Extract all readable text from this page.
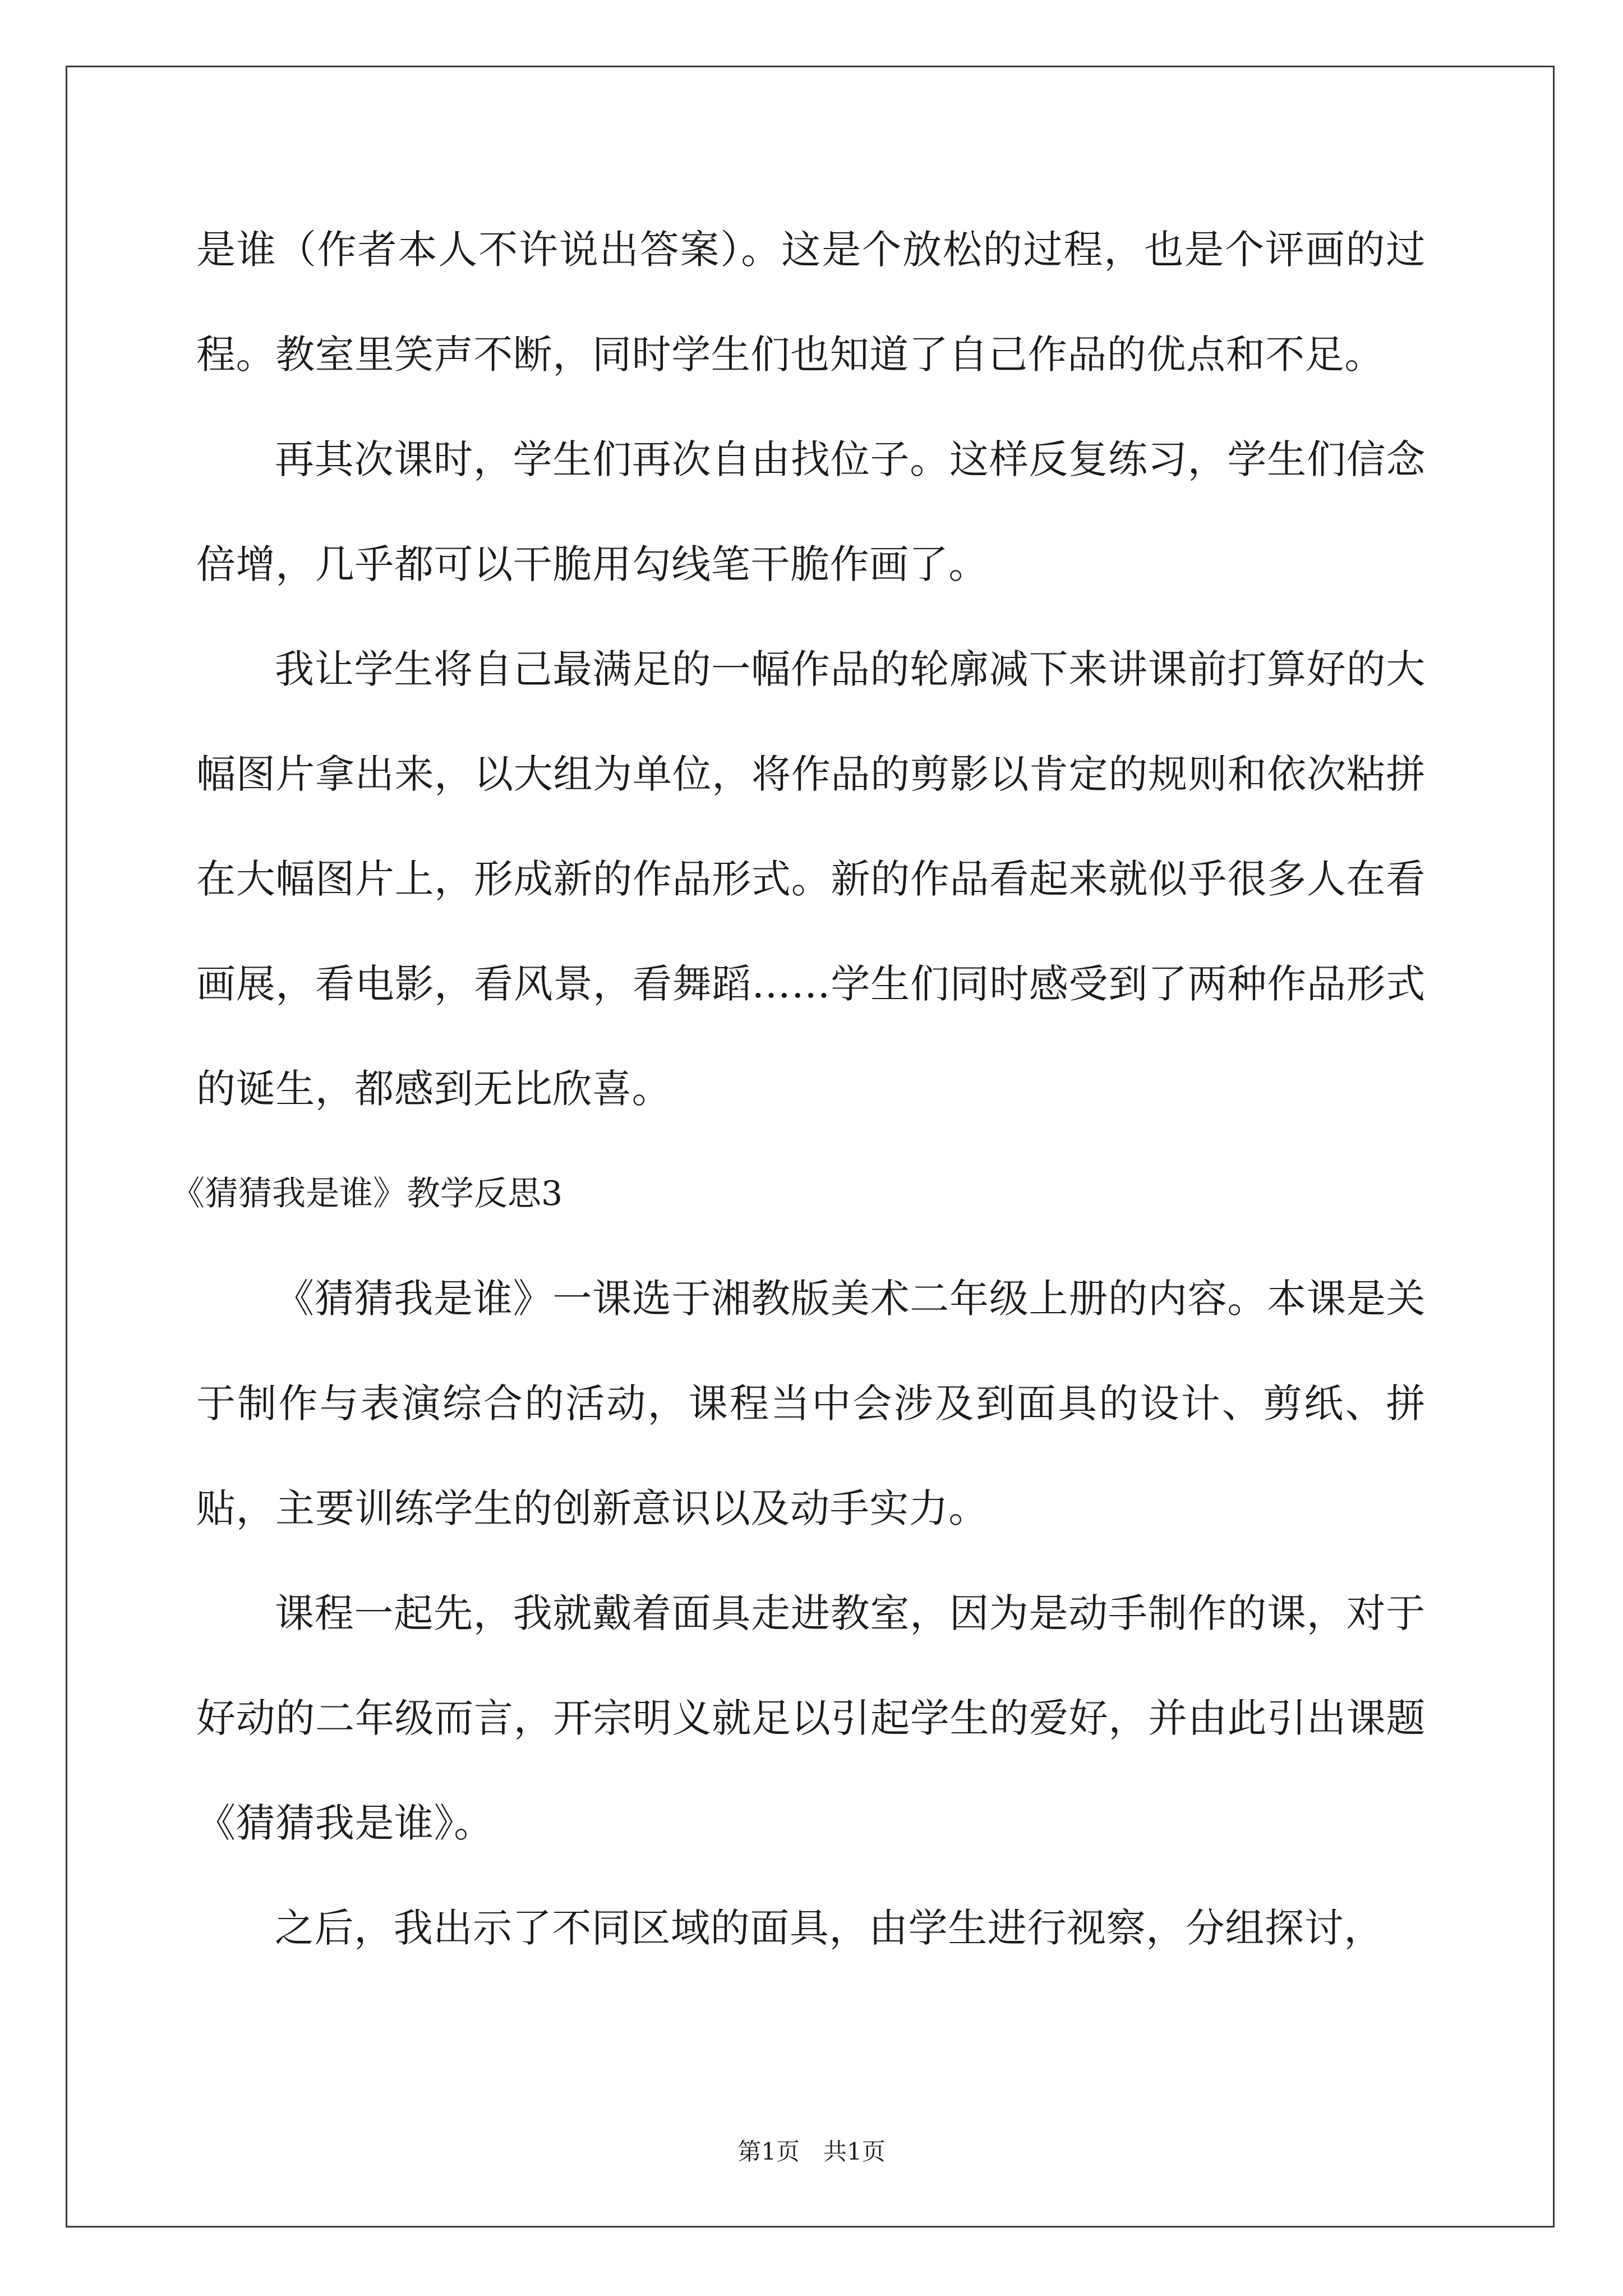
是谁（作者本人不许说出答案）。这是个放松的过程，也是个评画的过程。教室里笑声不断，同时学生们也知道了自己作品的优点和不足。

再其次课时，学生们再次自由找位子。这样反复练习，学生们信念倍增，几乎都可以干脆用勾线笔干脆作画了。

我让学生将自己最满足的一幅作品的轮廓减下来讲课前打算好的大幅图片拿出来，以大组为单位，将作品的剪影以肯定的规则和依次粘拼在大幅图片上，形成新的作品形式。新的作品看起来就似乎很多人在看画展，看电影，看风景，看舞蹈……学生们同时感受到了两种作品形式的诞生，都感到无比欣喜。

《猜猜我是谁》教学反思3

《猜猜我是谁》一课选于湘教版美术二年级上册的内容。本课是关于制作与表演综合的活动，课程当中会涉及到面具的设计、剪纸、拼贴，主要训练学生的创新意识以及动手实力。

课程一起先，我就戴着面具走进教室，因为是动手制作的课，对于好动的二年级而言，开宗明义就足以引起学生的爱好，并由此引出课题《猜猜我是谁》。

之后，我出示了不同区域的面具，由学生进行视察，分组探讨，

第1页　共1页
